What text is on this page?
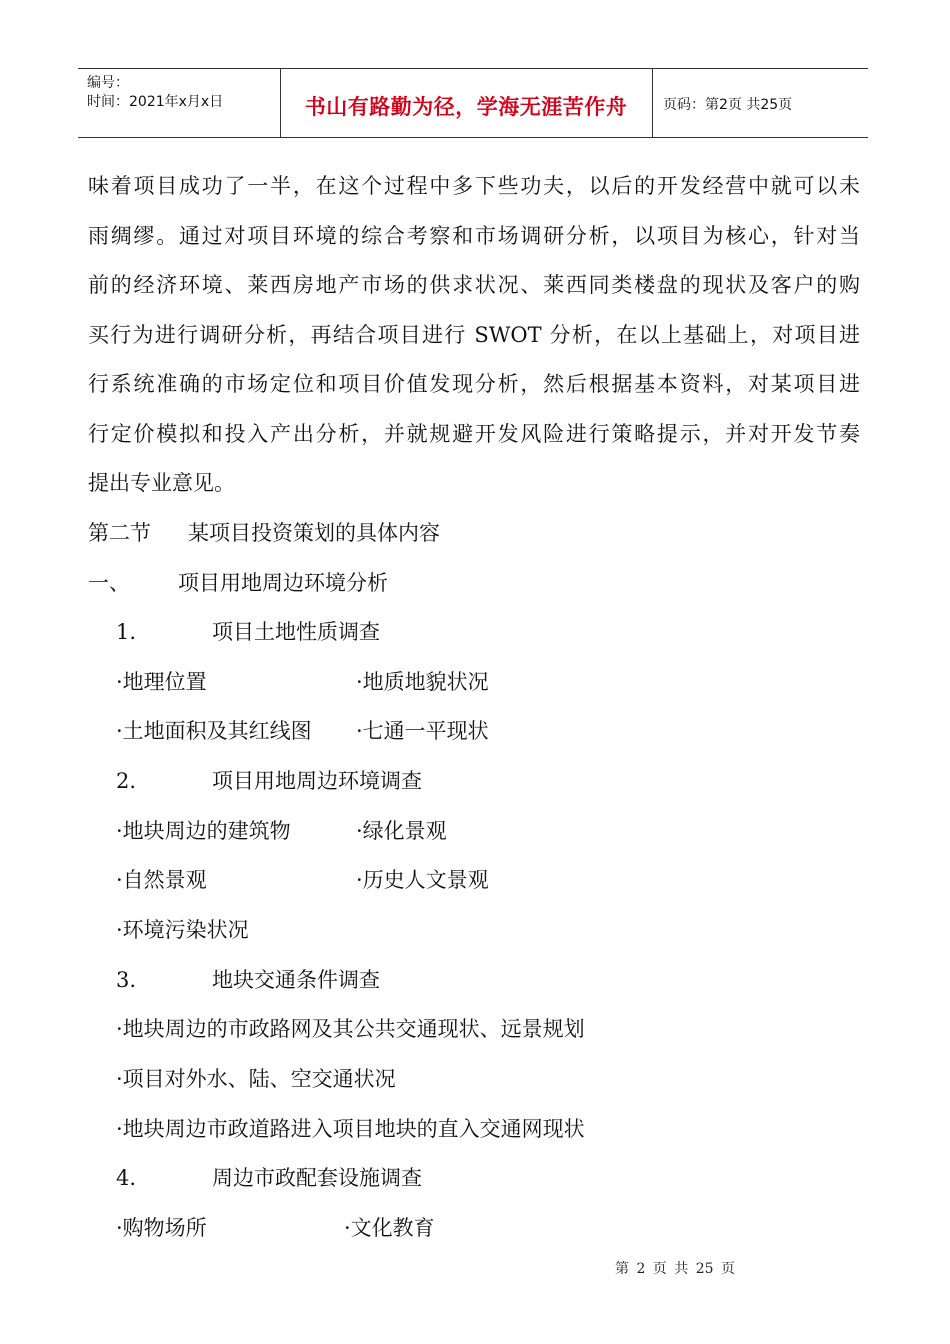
编号：
时间：2021年x月x日	书山有路勤为径，学海无涯苦作舟	页码：第2页 共25页
味着项目成功了一半，在这个过程中多下些功夫，以后的开发经营中就可以未
雨绸缪。通过对项目环境的综合考察和市场调研分析，以项目为核心，针对当
前的经济环境、莱西房地产市场的供求状况、莱西同类楼盘的现状及客户的购
买行为进行调研分析，再结合项目进行 SWOT 分析，在以上基础上，对项目进
行系统准确的市场定位和项目价值发现分析，然后根据基本资料，对某项目进
行定价模拟和投入产出分析，并就规避开发风险进行策略提示，并对开发节奏
提出专业意见。
第二节 某项目投资策划的具体内容
一、 项目用地周边环境分析
1.	项目土地性质调查
·地理位置	·地质地貌状况
·土地面积及其红线图 ·七通一平现状
2.	项目用地周边环境调查
·地块周边的建筑物	·绿化景观
·自然景观	·历史人文景观
·环境污染状况
3.	地块交通条件调查
·地块周边的市政路网及其公共交通现状、远景规划
·项目对外水、陆、空交通状况
·地块周边市政道路进入项目地块的直入交通网现状
4.	周边市政配套设施调查
·购物场所	·文化教育
第 2 页 共 25 页
